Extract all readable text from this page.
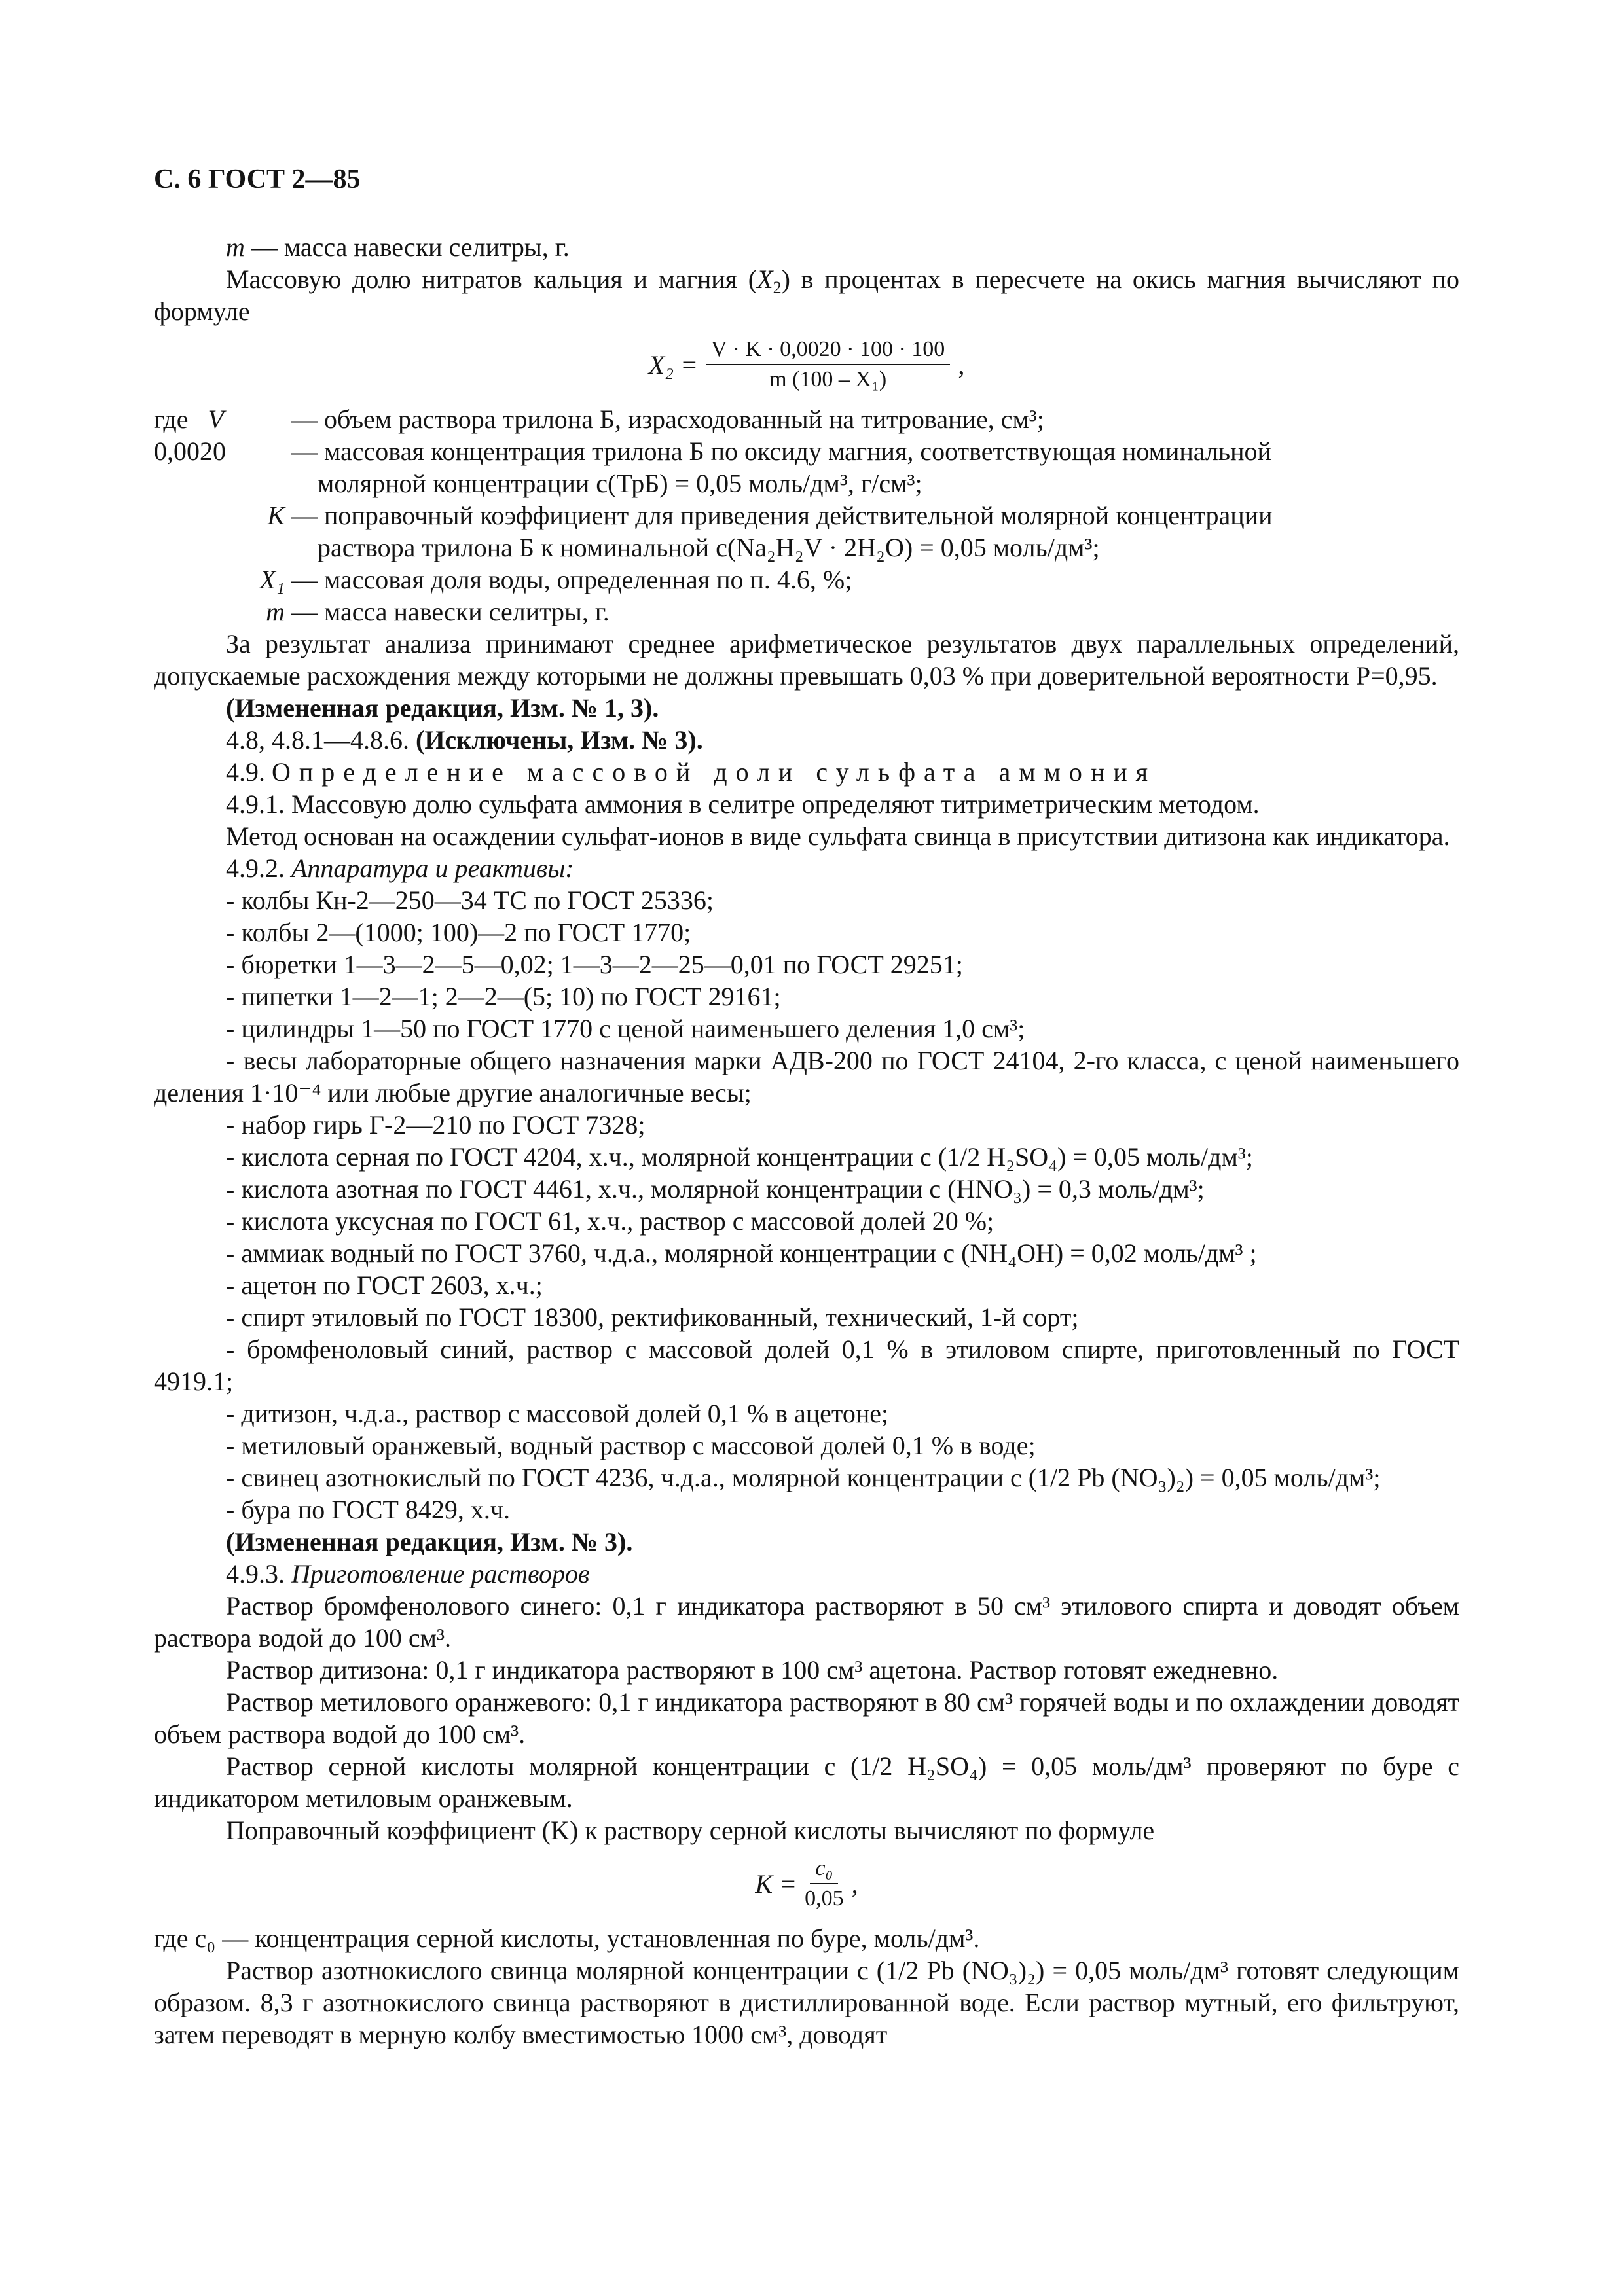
С. 6 ГОСТ 2—85

m — масса навески селитры, г.

Массовую долю нитратов кальция и магния $(X_2)$ в процентах в пересчете на окись магния вычисляют по формуле

$X_2 = \frac{V \cdot K \cdot 0,0020 \cdot 100 \cdot 100}{\text{m (100 – X₁)}}$ ,
где V	— объем раствора трилона Б, израсходованный на титрование, см³;
0,0020	— массовая концентрация трилона Б по оксиду магния, соответствующая номинальной
молярной концентрации c(ТрБ) = 0,05 моль/дм³, г/см³;
K — поправочный коэффициент для приведения действительной молярной концентрации
раствора трилона Б к номинальной c(Na₂H₂V · 2H₂O) = 0,05 моль/дм³;
X₁ — массовая доля воды, определенная по п. 4.6, %;
m — масса навески селитры, г.

За результат анализа принимают среднее арифметическое результатов двух параллельных определений, допускаемые расхождения между которыми не должны превышать 0,03 % при доверительной вероятности P=0,95.

(Измененная редакция, Изм. № 1, 3).

4.8, 4.8.1—4.8.6. (Исключены, Изм. № 3).

4.9. Определение массовой доли сульфата аммония

4.9.1. Массовую долю сульфата аммония в селитре определяют титриметрическим методом.

Метод основан на осаждении сульфат-ионов в виде сульфата свинца в присутствии дитизона как индикатора.

4.9.2. Аппаратура и реактивы:

- колбы Кн-2—250—34 ТС по ГОСТ 25336;

- колбы 2—(1000; 100)—2 по ГОСТ 1770;

- бюретки 1—3—2—5—0,02; 1—3—2—25—0,01 по ГОСТ 29251;

- пипетки 1—2—1; 2—2—(5; 10) по ГОСТ 29161;

- цилиндры 1—50 по ГОСТ 1770 с ценой наименьшего деления 1,0 см³;

- весы лабораторные общего назначения марки АДВ-200 по ГОСТ 24104, 2-го класса, с ценой наименьшего деления 1·10⁻⁴ или любые другие аналогичные весы;

- набор гирь Г-2—210 по ГОСТ 7328;

- кислота серная по ГОСТ 4204, х.ч., молярной концентрации c (1/2 H₂SO₄) = 0,05 моль/дм³;

- кислота азотная по ГОСТ 4461, х.ч., молярной концентрации c (HNO₃) = 0,3 моль/дм³;

- кислота уксусная по ГОСТ 61, х.ч., раствор с массовой долей 20 %;

- аммиак водный по ГОСТ 3760, ч.д.а., молярной концентрации c (NH₄OH) = 0,02 моль/дм³ ;

- ацетон по ГОСТ 2603, х.ч.;

- спирт этиловый по ГОСТ 18300, ректификованный, технический, 1-й сорт;

- бромфеноловый синий, раствор с массовой долей 0,1 % в этиловом спирте, приготовленный по ГОСТ 4919.1;

- дитизон, ч.д.а., раствор с массовой долей 0,1 % в ацетоне;

- метиловый оранжевый, водный раствор с массовой долей 0,1 % в воде;

- свинец азотнокислый по ГОСТ 4236, ч.д.а., молярной концентрации c (1/2 Pb (NO₃)₂) = 0,05 моль/дм³;

- бура по ГОСТ 8429, х.ч.

(Измененная редакция, Изм. № 3).

4.9.3. Приготовление растворов

Раствор бромфенолового синего: 0,1 г индикатора растворяют в 50 см³ этилового спирта и доводят объем раствора водой до 100 см³.

Раствор дитизона: 0,1 г индикатора растворяют в 100 см³ ацетона. Раствор готовят ежедневно.

Раствор метилового оранжевого: 0,1 г индикатора растворяют в 80 см³ горячей воды и по охлаждении доводят объем раствора водой до 100 см³.

Раствор серной кислоты молярной концентрации c (1/2 H₂SO₄) = 0,05 моль/дм³ проверяют по буре с индикатором метиловым оранжевым.

Поправочный коэффициент (K) к раствору серной кислоты вычисляют по формуле

$K = \frac{\text{c₀}}{0,05}$ ,

где c₀ — концентрация серной кислоты, установленная по буре, моль/дм³.

Раствор азотнокислого свинца молярной концентрации c (1/2 Pb (NO₃)₂) = 0,05 моль/дм³ готовят следующим образом. 8,3 г азотнокислого свинца растворяют в дистиллированной воде. Если раствор мутный, его фильтруют, затем переводят в мерную колбу вместимостью 1000 см³, доводят
